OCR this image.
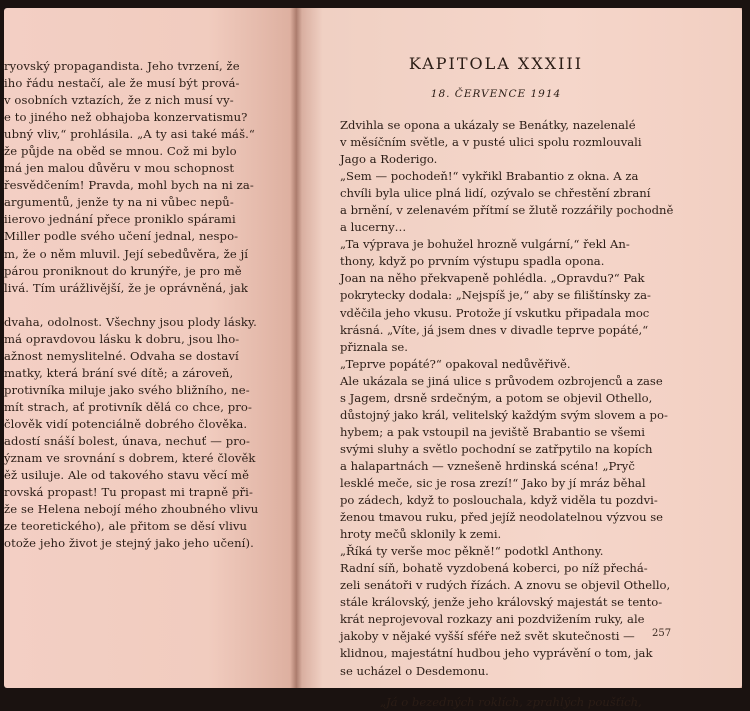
ryovský propagandista. Jeho tvrzení, že
iho řádu nestačí, ale že musí být prová-
v osobních vztazích, že z nich musí vy-
e to jiného než obhajoba konzervatismu?
ubný vliv,“ prohlásila. „A ty asi také máš.“
že půjde na oběd se mnou. Což mi bylo
má jen malou důvěru v mou schopnost
řesvědčením! Pravda, mohl bych na ni za-
argumentů, jenže ty na ni vůbec nepů-
iierovo jednání přece proniklo spárami
Miller podle svého učení jednal, nespo-
m, že o něm mluvil. Její sebedůvěra, že jí
párou proniknout do krunýře, je pro mě
livá. Tím urážlivější, že je oprávněná, jak

dvaha, odolnost. Všechny jsou plody lásky.
má opravdovou lásku k dobru, jsou lho-
ažnost nemyslitelné. Odvaha se dostaví
matky, která brání své dítě; a zároveň,
protivníka miluje jako svého bližního, ne-
mít strach, ať protivník dělá co chce, pro-
člověk vidí potenciálně dobrého člověka.
adostí snáší bolest, únava, nechuť — pro-
ýznam ve srovnání s dobrem, které člověk
ěž usiluje. Ale od takového stavu věcí mě
rovská propast! Tu propast mi trapně při-
že se Helena nebojí mého zhoubného vlivu
ze teoretického), ale přitom se děsí vlivu
otože jeho život je stejný jako jeho učení).
KAPITOLA XXXIII
18. ČERVENCE 1914
Zdvihla se opona a ukázaly se Benátky, nazelenalé
v měsíčním světle, a v pusté ulici spolu rozmlouvali
Jago a Roderigo.
„Sem — pochodeň!“ vykřikl Brabantio z okna. A za
chvíli byla ulice plná lidí, ozývalo se chřestění zbraní
a brnění, v zelenavém přítmí se žlutě rozzářily pochodně
a lucerny…
„Ta výprava je bohužel hrozně vulgární,“ řekl An-
thony, když po prvním výstupu spadla opona.
Joan na něho překvapeně pohlédla. „Opravdu?“ Pak
pokrytecky dodala: „Nejspíš je,“ aby se filištínsky za-
vděčila jeho vkusu. Protože jí vskutku připadala moc
krásná. „Víte, já jsem dnes v divadle teprve popáté,“
přiznala se.
„Teprve popáté?“ opakoval nedůvěřivě.
Ale ukázala se jiná ulice s průvodem ozbrojenců a zase
s Jagem, drsně srdečným, a potom se objevil Othello,
důstojný jako král, velitelský každým svým slovem a po-
hybem; a pak vstoupil na jeviště Brabantio se všemi
svými sluhy a světlo pochodní se zatřpytilo na kopích
a halapartnách — vznešeně hrdinská scéna! „Pryč
lesklé meče, sic je rosa zrezí!“ Jako by jí mráz běhal
po zádech, když to poslouchala, když viděla tu pozdvi-
ženou tmavou ruku, před jejíž neodolatelnou výzvou se
hroty mečů sklonily k zemi.
„Říká ty verše moc pěkně!“ podotkl Anthony.
Radní síň, bohatě vyzdobená koberci, po níž přechá-
zeli senátoři v rudých řízách. A znovu se objevil Othello,
stále královský, jenže jeho královský majestát se tento-
krát neprojevoval rozkazy ani pozdvižením ruky, ale
jakoby v nějaké vyšší sféře než svět skutečnosti —
klidnou, majestátní hudbou jeho vyprávění o tom, jak
se ucházel o Desdemonu.
„Já o bezedných roklích, zprahlých poušťích,
257
